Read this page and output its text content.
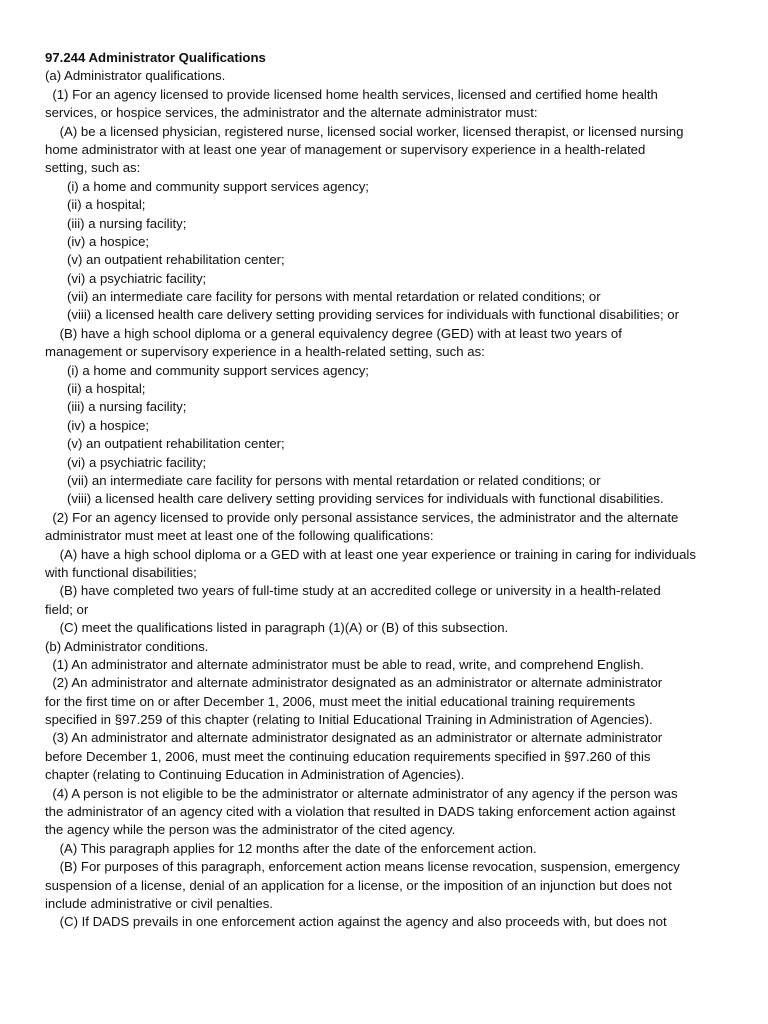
97.244 Administrator Qualifications
(a) Administrator qualifications.
(1) For an agency licensed to provide licensed home health services, licensed and certified home health
services, or hospice services, the administrator and the alternate administrator must:
(A) be a licensed physician, registered nurse, licensed social worker, licensed therapist, or licensed nursing
home administrator with at least one year of management or supervisory experience in a health-related
setting, such as:
(i) a home and community support services agency;
(ii) a hospital;
(iii) a nursing facility;
(iv) a hospice;
(v) an outpatient rehabilitation center;
(vi) a psychiatric facility;
(vii) an intermediate care facility for persons with mental retardation or related conditions; or
(viii) a licensed health care delivery setting providing services for individuals with functional disabilities; or
(B) have a high school diploma or a general equivalency degree (GED) with at least two years of
management or supervisory experience in a health-related setting, such as:
(i) a home and community support services agency;
(ii) a hospital;
(iii) a nursing facility;
(iv) a hospice;
(v) an outpatient rehabilitation center;
(vi) a psychiatric facility;
(vii) an intermediate care facility for persons with mental retardation or related conditions; or
(viii) a licensed health care delivery setting providing services for individuals with functional disabilities.
(2) For an agency licensed to provide only personal assistance services, the administrator and the alternate
administrator must meet at least one of the following qualifications:
(A) have a high school diploma or a GED with at least one year experience or training in caring for individuals
with functional disabilities;
(B) have completed two years of full-time study at an accredited college or university in a health-related
field; or
(C) meet the qualifications listed in paragraph (1)(A) or (B) of this subsection.
(b) Administrator conditions.
(1) An administrator and alternate administrator must be able to read, write, and comprehend English.
(2) An administrator and alternate administrator designated as an administrator or alternate administrator
for the first time on or after December 1, 2006, must meet the initial educational training requirements
specified in §97.259 of this chapter (relating to Initial Educational Training in Administration of Agencies).
(3) An administrator and alternate administrator designated as an administrator or alternate administrator
before December 1, 2006, must meet the continuing education requirements specified in §97.260 of this
chapter (relating to Continuing Education in Administration of Agencies).
(4) A person is not eligible to be the administrator or alternate administrator of any agency if the person was
the administrator of an agency cited with a violation that resulted in DADS taking enforcement action against
the agency while the person was the administrator of the cited agency.
(A) This paragraph applies for 12 months after the date of the enforcement action.
(B) For purposes of this paragraph, enforcement action means license revocation, suspension, emergency
suspension of a license, denial of an application for a license, or the imposition of an injunction but does not
include administrative or civil penalties.
(C) If DADS prevails in one enforcement action against the agency and also proceeds with, but does not
